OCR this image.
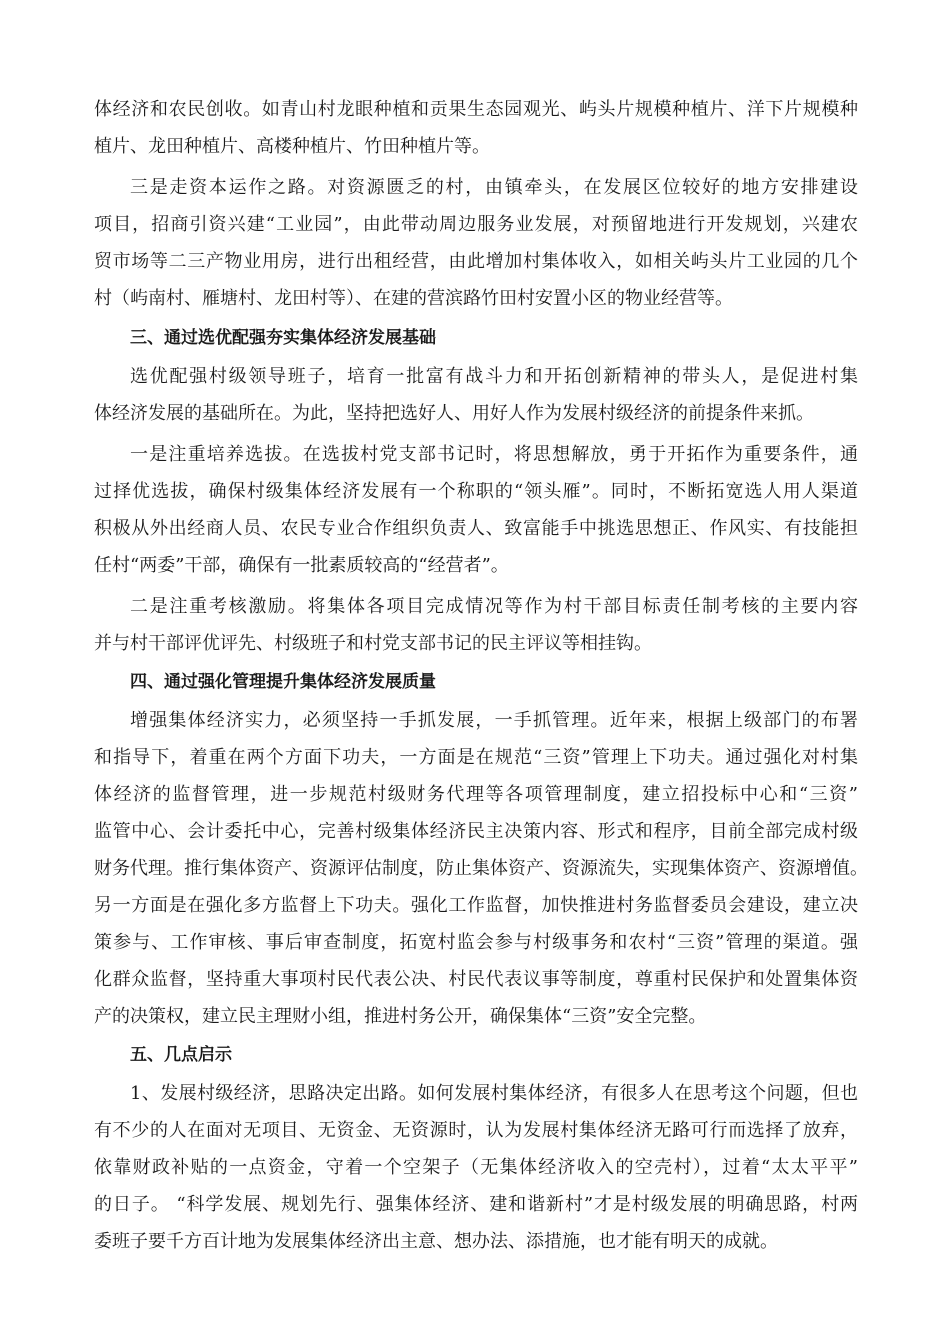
体经济和农民创收。如青山村龙眼种植和贡果生态园观光、屿头片规模种植片、洋下片规模种
植片、龙田种植片、高楼种植片、竹田种植片等。
三是走资本运作之路。对资源匮乏的村，由镇牵头，在发展区位较好的地方安排建设
项目，招商引资兴建“工业园”，由此带动周边服务业发展，对预留地进行开发规划，兴建农
贸市场等二三产物业用房，进行出租经营，由此增加村集体收入，如相关屿头片工业园的几个
村（屿南村、雁塘村、龙田村等）、在建的营滨路竹田村安置小区的物业经营等。
三、通过选优配强夯实集体经济发展基础
选优配强村级领导班子，培育一批富有战斗力和开拓创新精神的带头人，是促进村集
体经济发展的基础所在。为此，坚持把选好人、用好人作为发展村级经济的前提条件来抓。
一是注重培养选拔。在选拔村党支部书记时，将思想解放，勇于开拓作为重要条件，通
过择优选拔，确保村级集体经济发展有一个称职的“领头雁”。同时，不断拓宽选人用人渠道
积极从外出经商人员、农民专业合作组织负责人、致富能手中挑选思想正、作风实、有技能担
任村“两委”干部，确保有一批素质较高的“经营者”。
二是注重考核激励。将集体各项目完成情况等作为村干部目标责任制考核的主要内容
并与村干部评优评先、村级班子和村党支部书记的民主评议等相挂钩。
四、通过强化管理提升集体经济发展质量
增强集体经济实力，必须坚持一手抓发展，一手抓管理。近年来，根据上级部门的布署
和指导下，着重在两个方面下功夫，一方面是在规范“三资”管理上下功夫。通过强化对村集
体经济的监督管理，进一步规范村级财务代理等各项管理制度，建立招投标中心和“三资”
监管中心、会计委托中心，完善村级集体经济民主决策内容、形式和程序，目前全部完成村级
财务代理。推行集体资产、资源评估制度，防止集体资产、资源流失，实现集体资产、资源增值。
另一方面是在强化多方监督上下功夫。强化工作监督，加快推进村务监督委员会建设，建立决
策参与、工作审核、事后审查制度，拓宽村监会参与村级事务和农村“三资”管理的渠道。强
化群众监督，坚持重大事项村民代表公决、村民代表议事等制度，尊重村民保护和处置集体资
产的决策权，建立民主理财小组，推进村务公开，确保集体“三资”安全完整。
五、几点启示
1、发展村级经济，思路决定出路。如何发展村集体经济，有很多人在思考这个问题，但也
有不少的人在面对无项目、无资金、无资源时，认为发展村集体经济无路可行而选择了放弃，
依靠财政补贴的一点资金，守着一个空架子（无集体经济收入的空壳村），过着“太太平平”
的日子。 “科学发展、规划先行、强集体经济、建和谐新村”才是村级发展的明确思路，村两
委班子要千方百计地为发展集体经济出主意、想办法、添措施，也才能有明天的成就。
